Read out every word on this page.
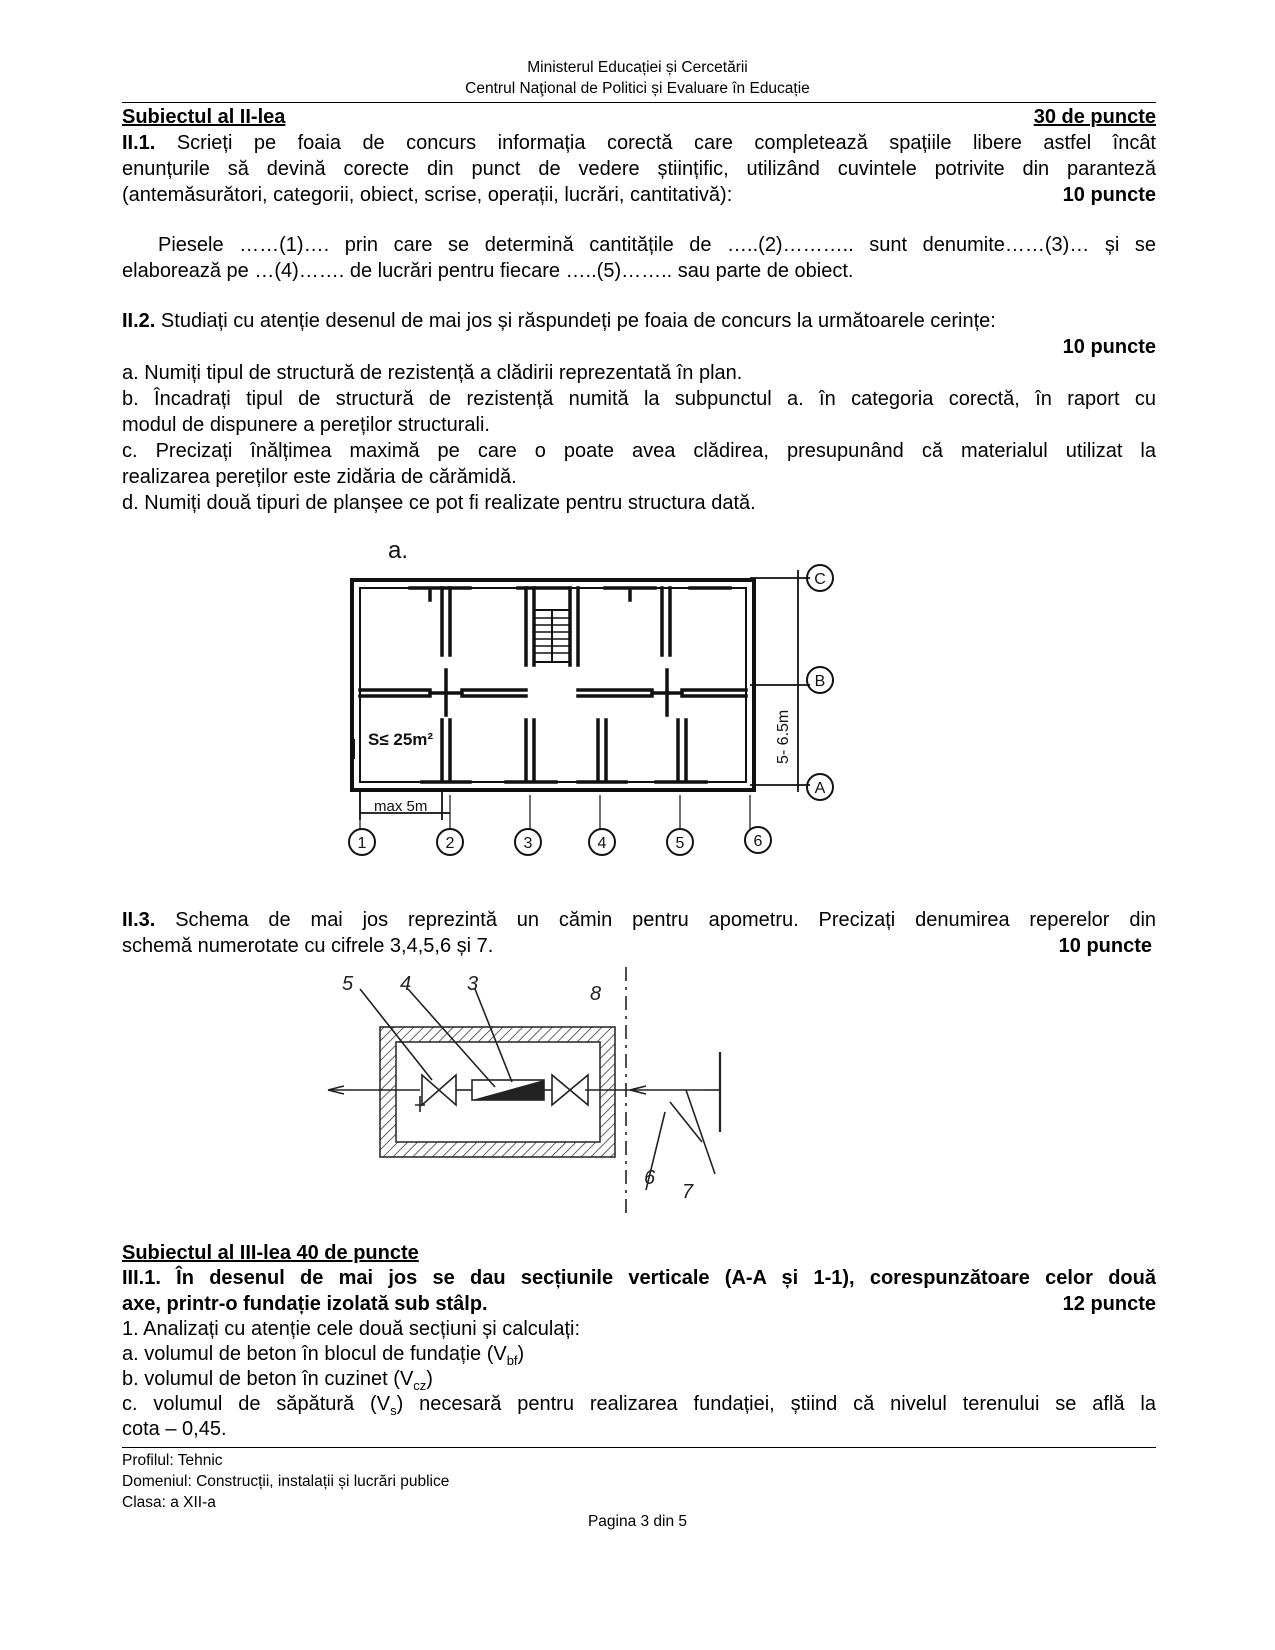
Ministerul Educației și Cercetării
Centrul Naţional de Politici și Evaluare în Educație
Subiectul al II-lea	30 de puncte
II.1. Scrieți pe foaia de concurs informația corectă care completează spațiile libere astfel încât
enunțurile să devină corecte din punct de vedere științific, utilizând cuvintele potrivite din paranteză
(antemăsurători, categorii, obiect, scrise, operații, lucrări, cantitativă):	10 puncte
Piesele ……(1)…. prin care se determină cantitățile de …..(2)……….. sunt denumite……(3)… și se
elaborează pe …(4)……. de lucrări pentru fiecare …..(5)…….. sau parte de obiect.
II.2. Studiați cu atenție desenul de mai jos și răspundeți pe foaia de concurs la următoarele cerințe:
10 puncte
a. Numiți tipul de structură de rezistență a clădirii reprezentată în plan.
b. Încadrați tipul de structură de rezistență numită la subpunctul a. în categoria corectă, în raport cu
modul de dispunere a pereților structurali.
c. Precizați înălțimea maximă pe care o poate avea clădirea, presupunând că materialul utilizat la
realizarea pereților este zidăria de cărămidă.
d. Numiți două tipuri de planșee ce pot fi realizate pentru structura dată.
a.
S≤ 25m²
max 5m
5- 6.5m
1	2	3	4	5	6
C
B
A
II.3. Schema de mai jos reprezintă un cămin pentru apometru. Precizați denumirea reperelor din
schemă numerotate cu cifrele 3,4,5,6 și 7.	10 puncte
5 4	3	8
6
7
Subiectul al III-lea 40 de puncte
III.1. În desenul de mai jos se dau secțiunile verticale (A-A și 1-1), corespunzătoare celor două
axe, printr-o fundație izolată sub stâlp.	12 puncte
1. Analizați cu atenție cele două secțiuni și calculați:
a. volumul de beton în blocul de fundație $(V_{bf})$
b. volumul de beton în cuzinet $(V_{cz})$
c. volumul de săpătură $(V_s)$ necesară pentru realizarea fundației, știind că nivelul terenului se află la
cota – 0,45.
Profilul: Tehnic
Domeniul: Construcții, instalații și lucrări publice
Clasa: a XII-a
Pagina 3 din 5
